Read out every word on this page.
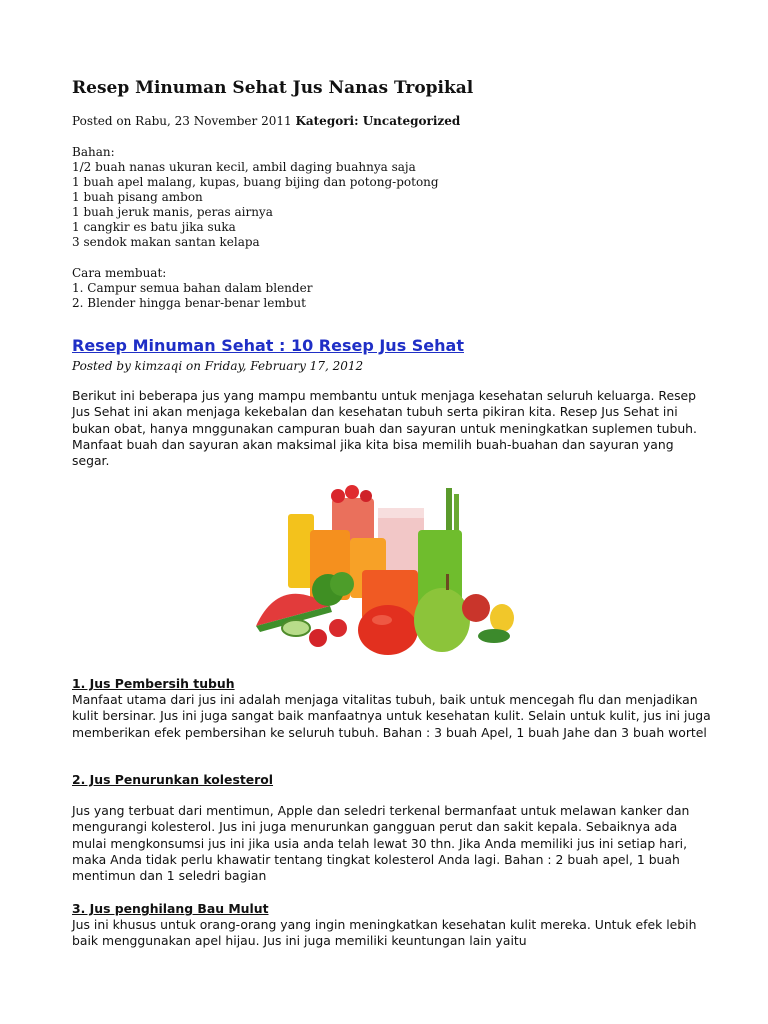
Resep Minuman Sehat Jus Nanas Tropikal
Posted on Rabu, 23 November 2011 Kategori: Uncategorized
Bahan:
1/2 buah nanas ukuran kecil, ambil daging buahnya saja
1 buah apel malang, kupas, buang bijing dan potong-potong
1 buah pisang ambon
1 buah jeruk manis, peras airnya
1 cangkir es batu jika suka
3 sendok makan santan kelapa
Cara membuat:
1. Campur semua bahan dalam blender
2. Blender hingga benar-benar lembut
Resep Minuman Sehat : 10 Resep Jus Sehat
Posted by kimzaqi on Friday, February 17, 2012
Berikut ini beberapa jus yang mampu membantu untuk menjaga kesehatan seluruh keluarga. Resep Jus Sehat ini akan menjaga kekebalan dan kesehatan tubuh serta pikiran kita. Resep Jus Sehat ini bukan obat, hanya mnggunakan campuran buah dan sayuran untuk meningkatkan suplemen tubuh. Manfaat buah dan sayuran akan maksimal jika kita bisa memilih buah-buahan dan sayuran yang segar.
1. Jus Pembersih tubuh
Manfaat utama dari jus ini adalah menjaga vitalitas tubuh, baik untuk mencegah flu dan menjadikan kulit bersinar. Jus ini juga sangat baik manfaatnya untuk kesehatan kulit. Selain untuk kulit, jus ini juga memberikan efek pembersihan ke seluruh tubuh. Bahan : 3 buah Apel, 1 buah Jahe dan 3 buah wortel
2. Jus Penurunkan kolesterol
Jus yang terbuat dari mentimun, Apple dan seledri terkenal bermanfaat untuk melawan kanker dan mengurangi kolesterol. Jus ini juga menurunkan gangguan perut dan sakit kepala. Sebaiknya ada mulai mengkonsumsi jus ini jika usia anda telah lewat 30 thn. Jika Anda memiliki jus ini setiap hari, maka Anda tidak perlu khawatir tentang tingkat kolesterol Anda lagi. Bahan : 2 buah apel, 1 buah mentimun dan 1 seledri bagian
3. Jus penghilang Bau Mulut
Jus ini khusus untuk orang-orang yang ingin meningkatkan kesehatan kulit mereka. Untuk efek lebih baik menggunakan apel hijau. Jus ini juga memiliki keuntungan lain yaitu
